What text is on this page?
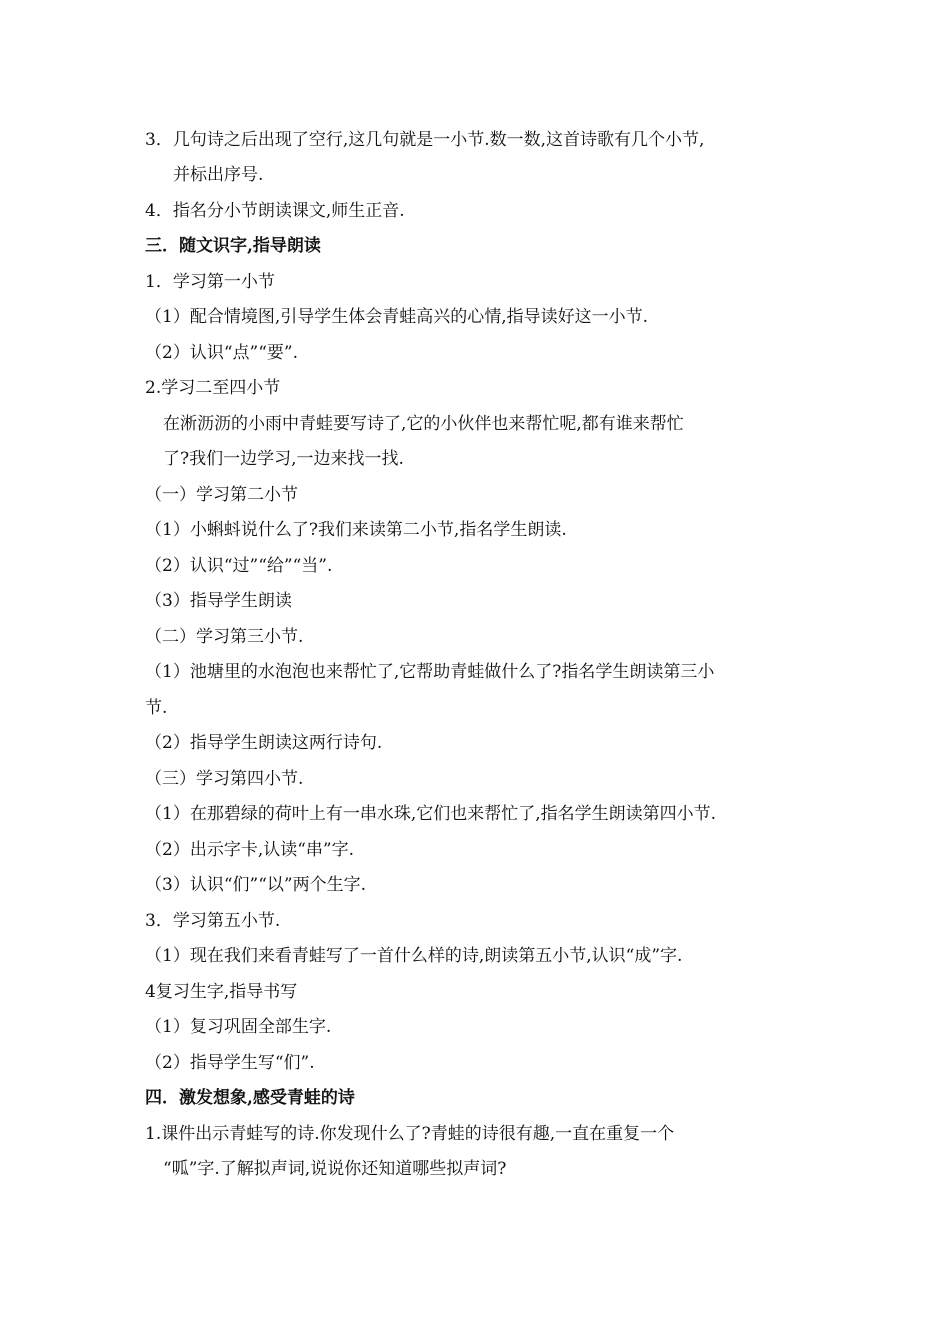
3．几句诗之后出现了空行,这几句就是一小节.数一数,这首诗歌有几个小节,
并标出序号.
4．指名分小节朗读课文,师生正音.
三．随文识字,指导朗读
1．学习第一小节
（1）配合情境图,引导学生体会青蛙高兴的心情,指导读好这一小节.
（2）认识“点”“要”.
2.学习二至四小节
在淅沥沥的小雨中青蛙要写诗了,它的小伙伴也来帮忙呢,都有谁来帮忙
了?我们一边学习,一边来找一找.
（一）学习第二小节
（1）小蝌蚪说什么了?我们来读第二小节,指名学生朗读.
（2）认识“过”“给”“当”.
（3）指导学生朗读
（二）学习第三小节.
（1）池塘里的水泡泡也来帮忙了,它帮助青蛙做什么了?指名学生朗读第三小
节.
（2）指导学生朗读这两行诗句.
（三）学习第四小节.
（1）在那碧绿的荷叶上有一串水珠,它们也来帮忙了,指名学生朗读第四小节.
（2）出示字卡,认读“串”字.
（3）认识“们”“以”两个生字.
3．学习第五小节.
（1）现在我们来看青蛙写了一首什么样的诗,朗读第五小节,认识“成”字.
4复习生字,指导书写
（1）复习巩固全部生字.
（2）指导学生写“们”.
四．激发想象,感受青蛙的诗
1.课件出示青蛙写的诗.你发现什么了?青蛙的诗很有趣,一直在重复一个
“呱”字.了解拟声词,说说你还知道哪些拟声词?
